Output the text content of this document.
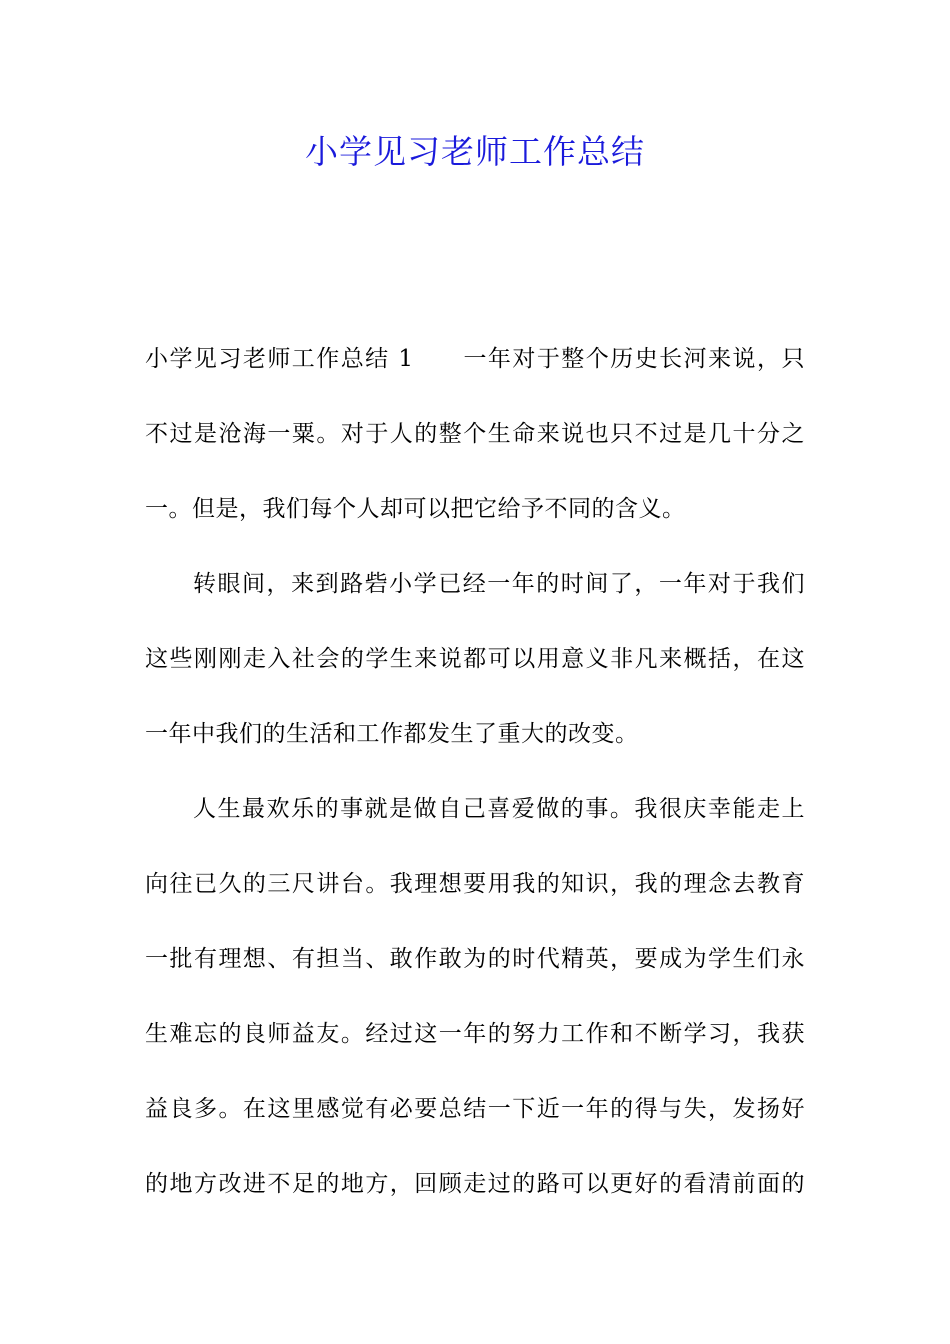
小学见习老师工作总结
小学见习老师工作总结 1　　一年对于整个历史长河来说，只
不过是沧海一粟。对于人的整个生命来说也只不过是几十分之
一。但是，我们每个人却可以把它给予不同的含义。
转眼间，来到路砦小学已经一年的时间了，一年对于我们
这些刚刚走入社会的学生来说都可以用意义非凡来概括，在这
一年中我们的生活和工作都发生了重大的改变。
人生最欢乐的事就是做自己喜爱做的事。我很庆幸能走上
向往已久的三尺讲台。我理想要用我的知识，我的理念去教育
一批有理想、有担当、敢作敢为的时代精英，要成为学生们永
生难忘的良师益友。经过这一年的努力工作和不断学习，我获
益良多。在这里感觉有必要总结一下近一年的得与失，发扬好
的地方改进不足的地方，回顾走过的路可以更好的看清前面的
